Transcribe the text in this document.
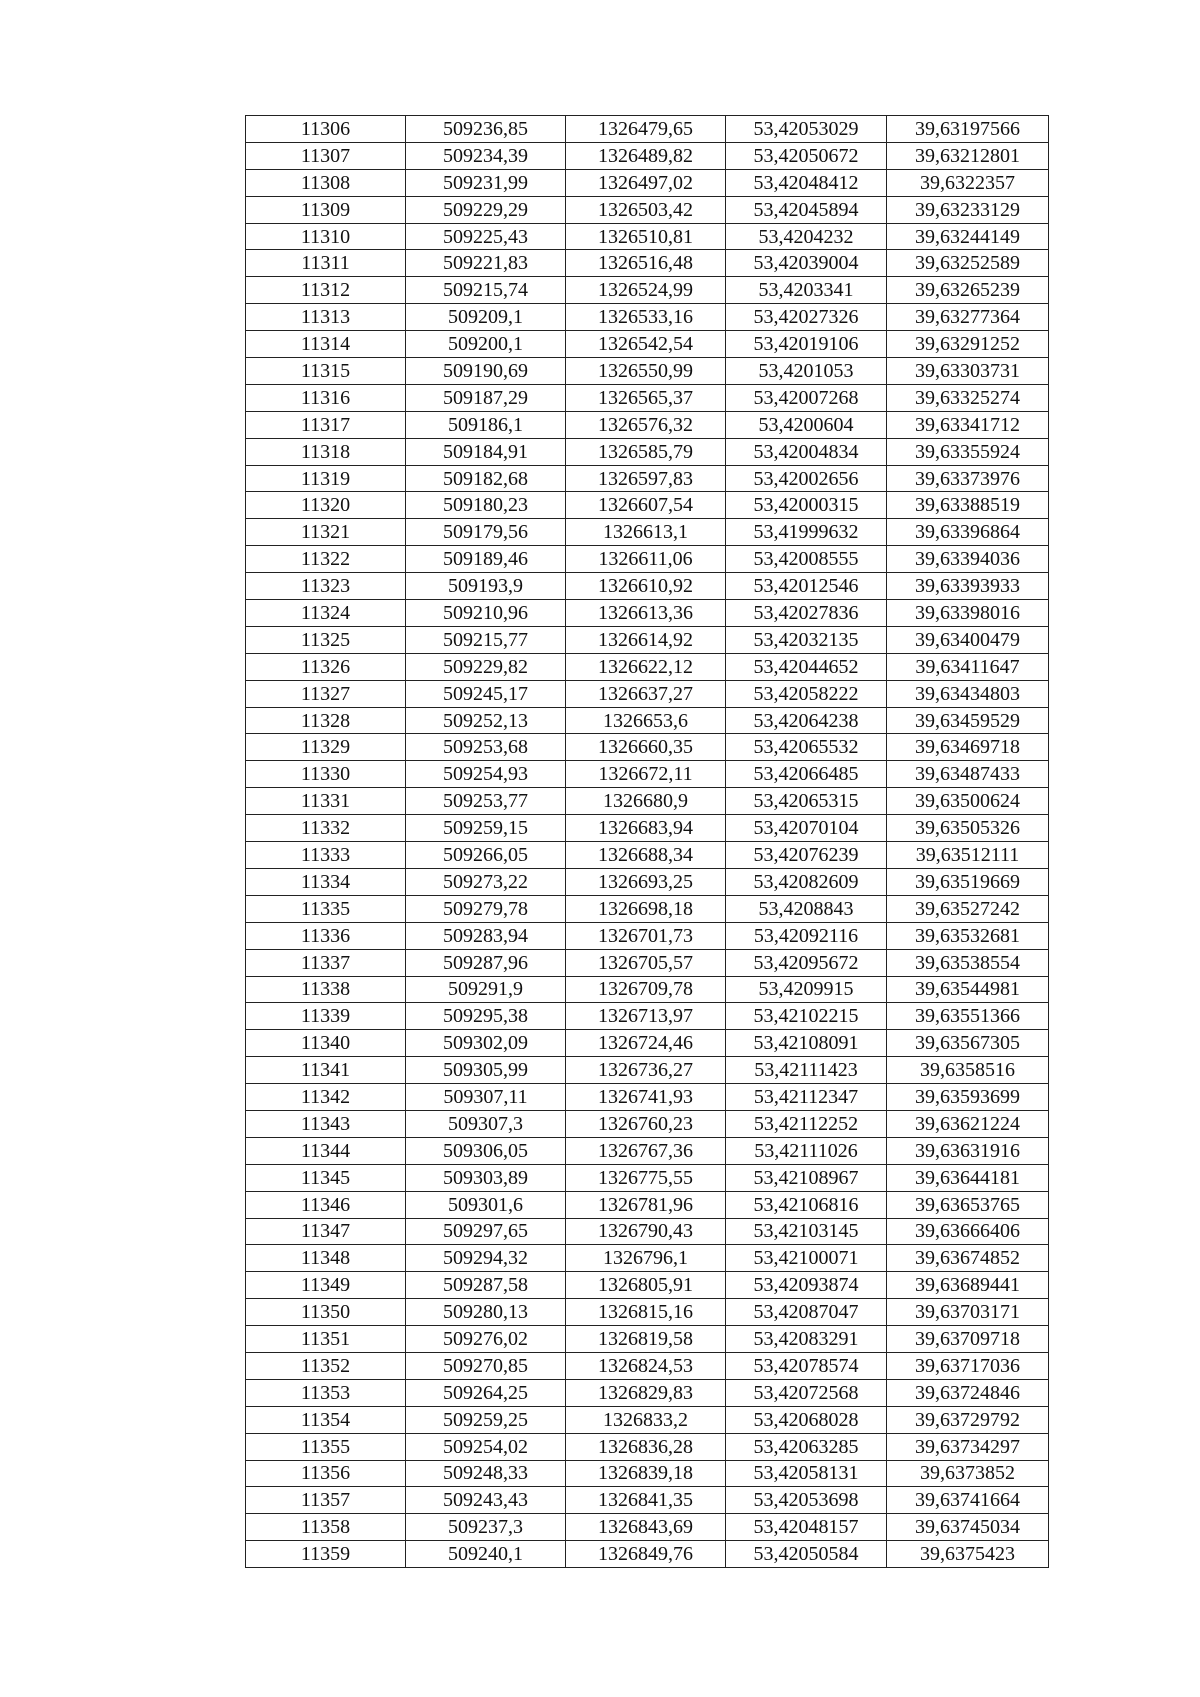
11306	509236,85	1326479,65	53,42053029	39,63197566
11307	509234,39	1326489,82	53,42050672	39,63212801
11308	509231,99	1326497,02	53,42048412	39,6322357
11309	509229,29	1326503,42	53,42045894	39,63233129
11310	509225,43	1326510,81	53,4204232	39,63244149
11311	509221,83	1326516,48	53,42039004	39,63252589
11312	509215,74	1326524,99	53,4203341	39,63265239
11313	509209,1	1326533,16	53,42027326	39,63277364
11314	509200,1	1326542,54	53,42019106	39,63291252
11315	509190,69	1326550,99	53,4201053	39,63303731
11316	509187,29	1326565,37	53,42007268	39,63325274
11317	509186,1	1326576,32	53,4200604	39,63341712
11318	509184,91	1326585,79	53,42004834	39,63355924
11319	509182,68	1326597,83	53,42002656	39,63373976
11320	509180,23	1326607,54	53,42000315	39,63388519
11321	509179,56	1326613,1	53,41999632	39,63396864
11322	509189,46	1326611,06	53,42008555	39,63394036
11323	509193,9	1326610,92	53,42012546	39,63393933
11324	509210,96	1326613,36	53,42027836	39,63398016
11325	509215,77	1326614,92	53,42032135	39,63400479
11326	509229,82	1326622,12	53,42044652	39,63411647
11327	509245,17	1326637,27	53,42058222	39,63434803
11328	509252,13	1326653,6	53,42064238	39,63459529
11329	509253,68	1326660,35	53,42065532	39,63469718
11330	509254,93	1326672,11	53,42066485	39,63487433
11331	509253,77	1326680,9	53,42065315	39,63500624
11332	509259,15	1326683,94	53,42070104	39,63505326
11333	509266,05	1326688,34	53,42076239	39,63512111
11334	509273,22	1326693,25	53,42082609	39,63519669
11335	509279,78	1326698,18	53,4208843	39,63527242
11336	509283,94	1326701,73	53,42092116	39,63532681
11337	509287,96	1326705,57	53,42095672	39,63538554
11338	509291,9	1326709,78	53,4209915	39,63544981
11339	509295,38	1326713,97	53,42102215	39,63551366
11340	509302,09	1326724,46	53,42108091	39,63567305
11341	509305,99	1326736,27	53,42111423	39,6358516
11342	509307,11	1326741,93	53,42112347	39,63593699
11343	509307,3	1326760,23	53,42112252	39,63621224
11344	509306,05	1326767,36	53,42111026	39,63631916
11345	509303,89	1326775,55	53,42108967	39,63644181
11346	509301,6	1326781,96	53,42106816	39,63653765
11347	509297,65	1326790,43	53,42103145	39,63666406
11348	509294,32	1326796,1	53,42100071	39,63674852
11349	509287,58	1326805,91	53,42093874	39,63689441
11350	509280,13	1326815,16	53,42087047	39,63703171
11351	509276,02	1326819,58	53,42083291	39,63709718
11352	509270,85	1326824,53	53,42078574	39,63717036
11353	509264,25	1326829,83	53,42072568	39,63724846
11354	509259,25	1326833,2	53,42068028	39,63729792
11355	509254,02	1326836,28	53,42063285	39,63734297
11356	509248,33	1326839,18	53,42058131	39,6373852
11357	509243,43	1326841,35	53,42053698	39,63741664
11358	509237,3	1326843,69	53,42048157	39,63745034
11359	509240,1	1326849,76	53,42050584	39,6375423
